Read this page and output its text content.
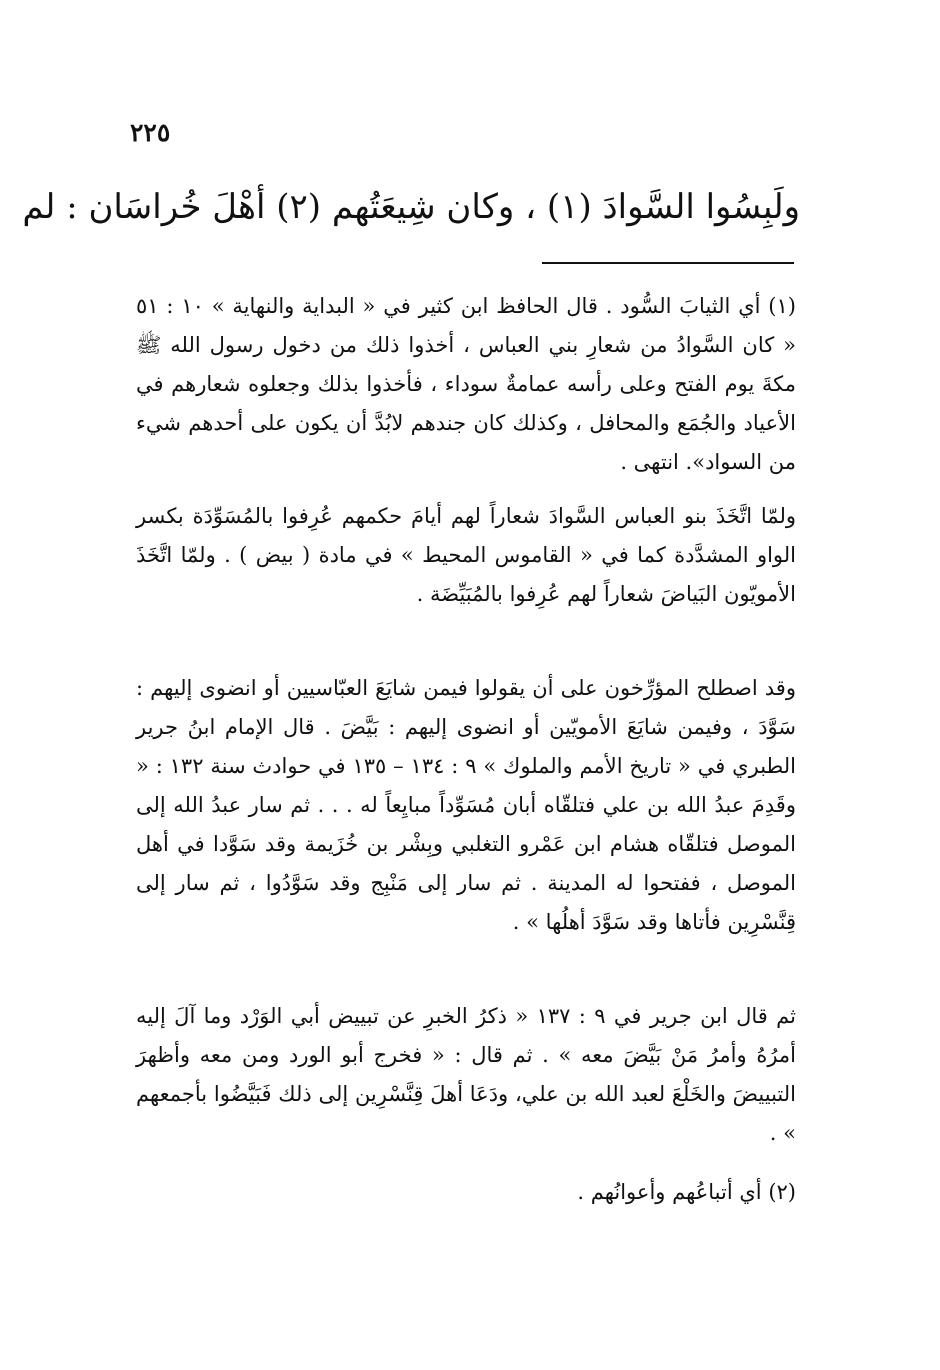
٢٢٥
ولَبِسُوا السَّوادَ (١) ، وكان شِيعَتُهم (٢) أهْلَ خُراسَان : لم

(١) أي الثيابَ السُّود . قال الحافظ ابن كثير في « البداية والنهاية » ١٠ : ٥١ « كان السَّوادُ من شعارِ بني العباس ، أخذوا ذلك من دخول رسول الله ﷺ مكةَ يوم الفتح وعلى رأسه عمامةٌ سوداء ، فأخذوا بذلك وجعلوه شعارهم في الأعياد والجُمَع والمحافل ، وكذلك كان جندهم لابُدَّ أن يكون على أحدهم شيء من السواد». انتهى .

ولمّا اتَّخَذَ بنو العباس السَّوادَ شعاراً لهم أيامَ حكمهم عُرِفوا بالمُسَوِّدَة بكسر الواو المشدَّدة كما في « القاموس المحيط » في مادة ( بيض ) . ولمّا اتَّخَذَ الأمويّون البَياضَ شعاراً لهم عُرِفوا بالمُبَيِّضَة .

وقد اصطلح المؤرِّخون على أن يقولوا فيمن شايَعَ العبّاسيين أو انضوى إليهم : سَوَّدَ ، وفيمن شايَعَ الأمويّين أو انضوى إليهم : بَيَّضَ . قال الإمام ابنُ جرير الطبري في « تاريخ الأمم والملوك » ٩ : ١٣٤ – ١٣٥ في حوادث سنة ١٣٢ : « وقَدِمَ عبدُ الله بن علي فتلقّاه أبان مُسَوِّداً مبايِعاً له . . . ثم سار عبدُ الله إلى الموصل فتلقّاه هشام ابن عَمْرو التغلبي وبِشْر بن خُزَيمة وقد سَوَّدا في أهل الموصل ، ففتحوا له المدينة . ثم سار إلى مَنْبِج وقد سَوَّدُوا ، ثم سار إلى قِنَّسْرِين فأتاها وقد سَوَّدَ أهلُها » .

ثم قال ابن جرير في ٩ : ١٣٧ « ذكرُ الخبرِ عن تبييض أبي الوَرْد وما آلَ إليه أمرُهُ وأمرُ مَنْ بَيَّضَ معه » . ثم قال : « فخرج أبو الورد ومن معه وأظهرَ التبييضَ والخَلْعَ لعبد الله بن علي، ودَعَا أهلَ قِنَّسْرِين إلى ذلك فَبَيَّضُوا بأجمعهم » .

(٢) أي أتباعُهم وأعوانُهم .
